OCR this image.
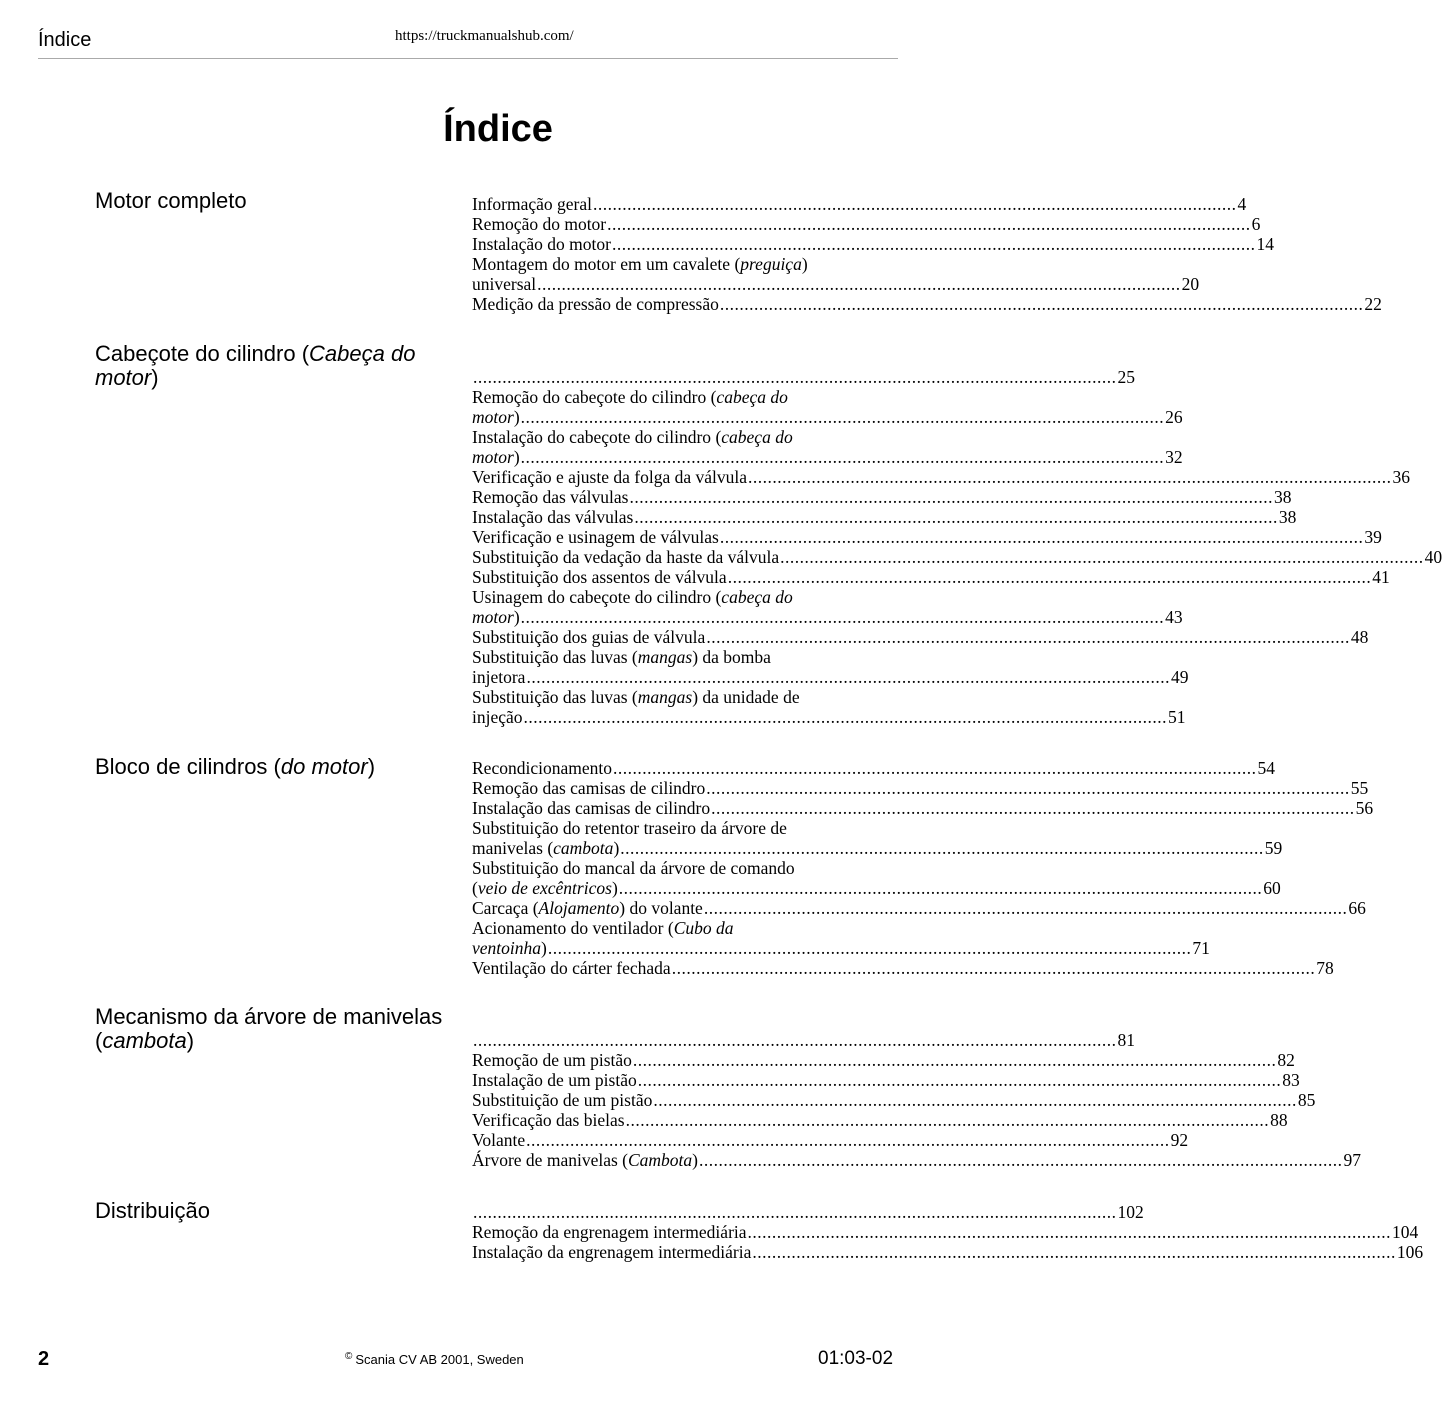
Índice	https://truckmanualshub.com/
Índice
Motor completo	Informação geral .................................................................................................................................... 4
Remoção do motor .................................................................................................................................... 6
Instalação do motor .................................................................................................................................... 14
Montagem do motor em um cavalete (preguiça)
universal .................................................................................................................................... 20
Medição da pressão de compressão .................................................................................................................................... 22
Cabeçote do cilindro (Cabeça do motor)	.................................................................................................................................... 25
Remoção do cabeçote do cilindro (cabeça do
motor) .................................................................................................................................... 26
Instalação do cabeçote do cilindro (cabeça do
motor) .................................................................................................................................... 32
Verificação e ajuste da folga da válvula .................................................................................................................................... 36
Remoção das válvulas .................................................................................................................................... 38
Instalação das válvulas .................................................................................................................................... 38
Verificação e usinagem de válvulas .................................................................................................................................... 39
Substituição da vedação da haste da válvula .................................................................................................................................... 40
Substituição dos assentos de válvula .................................................................................................................................... 41
Usinagem do cabeçote do cilindro (cabeça do
motor) .................................................................................................................................... 43
Substituição dos guias de válvula .................................................................................................................................... 48
Substituição das luvas (mangas) da bomba
injetora .................................................................................................................................... 49
Substituição das luvas (mangas) da unidade de
injeção .................................................................................................................................... 51
Bloco de cilindros (do motor)	Recondicionamento .................................................................................................................................... 54
Remoção das camisas de cilindro .................................................................................................................................... 55
Instalação das camisas de cilindro .................................................................................................................................... 56
Substituição do retentor traseiro da árvore de
manivelas (cambota) .................................................................................................................................... 59
Substituição do mancal da árvore de comando
(veio de excêntricos) .................................................................................................................................... 60
Carcaça (Alojamento) do volante .................................................................................................................................... 66
Acionamento do ventilador (Cubo da
ventoinha) .................................................................................................................................... 71
Ventilação do cárter fechada .................................................................................................................................... 78
Mecanismo da árvore de manivelas (cambota)	.................................................................................................................................... 81
Remoção de um pistão .................................................................................................................................... 82
Instalação de um pistão .................................................................................................................................... 83
Substituição de um pistão .................................................................................................................................... 85
Verificação das bielas .................................................................................................................................... 88
Volante .................................................................................................................................... 92
Árvore de manivelas (Cambota) .................................................................................................................................... 97
Distribuição	.................................................................................................................................... 102
Remoção da engrenagem intermediária .................................................................................................................................... 104
Instalação da engrenagem intermediária .................................................................................................................................... 106
2	© Scania CV AB 2001, Sweden	01:03-02
